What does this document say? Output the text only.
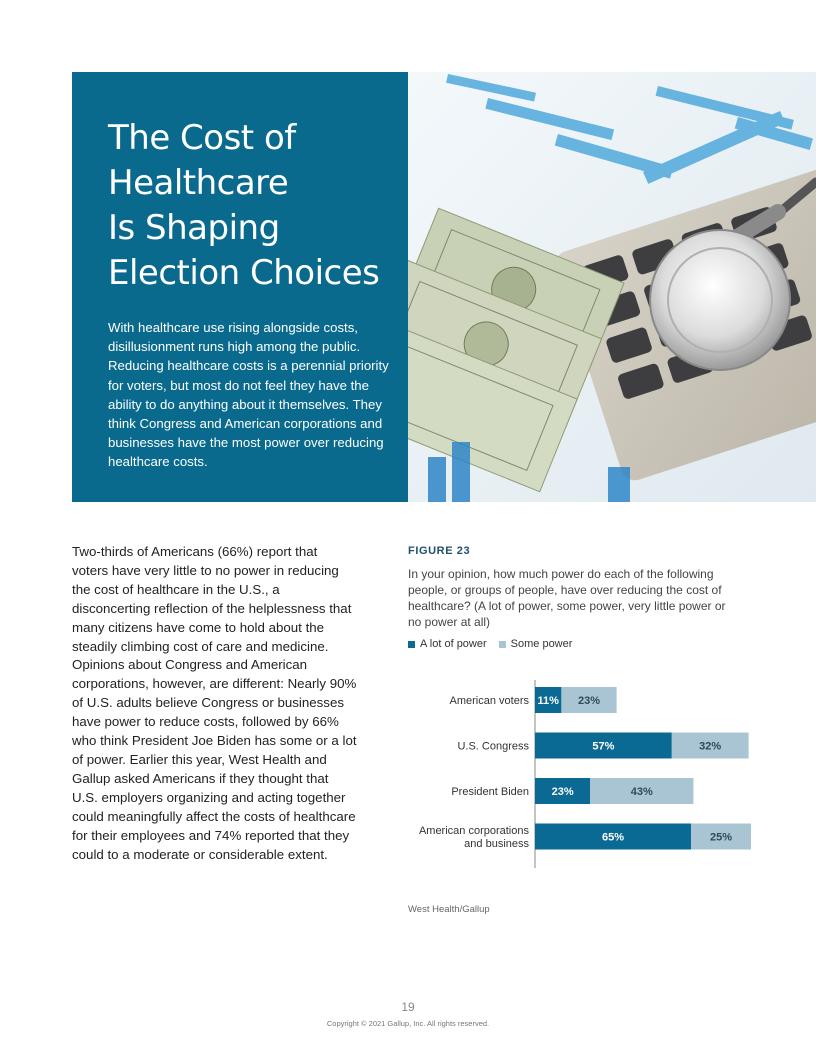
The Cost of
Healthcare
Is Shaping
Election Choices

With healthcare use rising alongside costs, disillusionment runs high among the public. Reducing healthcare costs is a perennial priority for voters, but most do not feel they have the ability to do anything about it themselves. They think Congress and American corporations and businesses have the most power over reducing healthcare costs.

Two-thirds of Americans (66%) report that voters have very little to no power in reducing the cost of healthcare in the U.S., a disconcerting reflection of the helplessness that many citizens have come to hold about the steadily climbing cost of care and medicine. Opinions about Congress and American corporations, however, are different: Nearly 90% of U.S. adults believe Congress or businesses have power to reduce costs, followed by 66% who think President Joe Biden has some or a lot of power. Earlier this year, West Health and Gallup asked Americans if they thought that U.S. employers organizing and acting together could meaningfully affect the costs of healthcare for their employees and 74% reported that they could to a moderate or considerable extent.

FIGURE 23

In your opinion, how much power do each of the following people, or groups of people, have over reducing the cost of healthcare? (A lot of power, some power, very little power or no power at all)

A lot of power Some power
American voters 11% 23%
U.S. Congress	57%	32%
President Biden 23%	43%
American corporations
and business
65%	25%

West Health/Gallup

19
Copyright © 2021 Gallup, Inc. All rights reserved.
